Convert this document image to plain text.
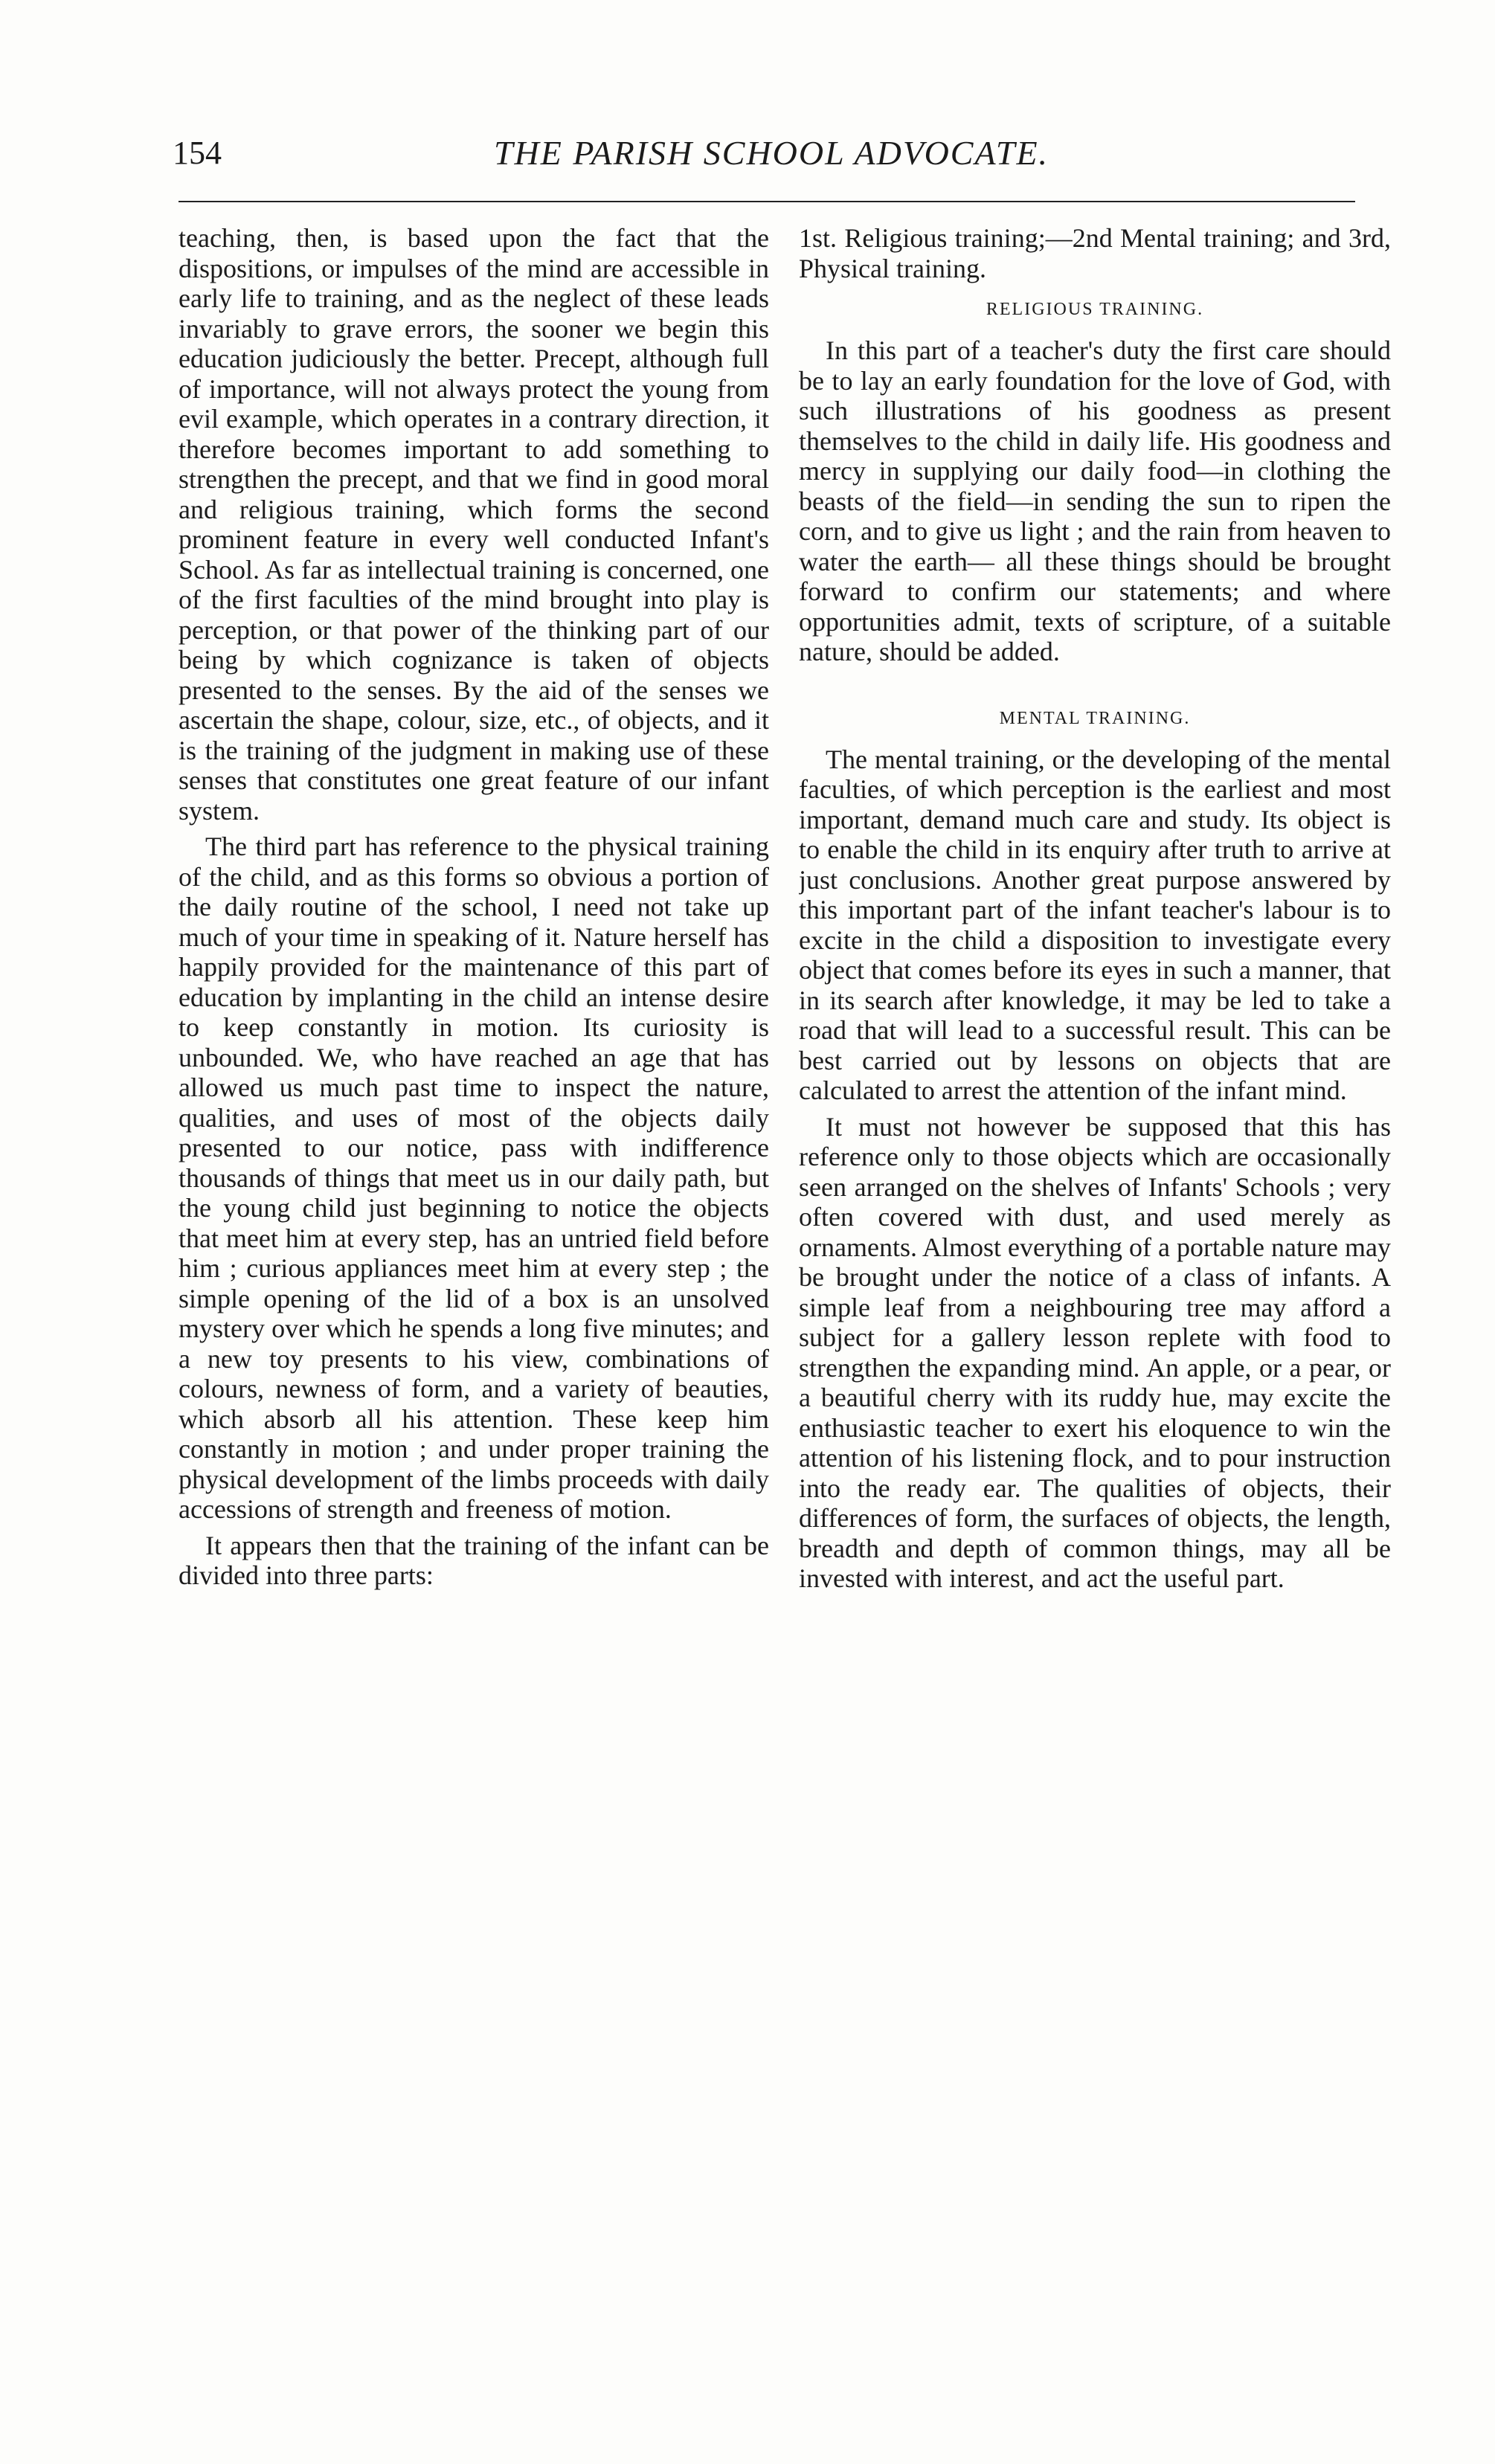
154	THE PARISH SCHOOL ADVOCATE.

teaching, then, is based upon the fact that the dispositions, or impulses of the mind are accessible in early life to training, and as the neglect of these leads invariably to grave errors, the sooner we begin this education judiciously the better. Precept, although full of importance, will not always protect the young from evil example, which operates in a contrary direction, it therefore becomes important to add something to strengthen the precept, and that we find in good moral and religious training, which forms the second prominent feature in every well conducted Infant's School. As far as intellectual training is concerned, one of the first faculties of the mind brought into play is perception, or that power of the thinking part of our being by which cognizance is taken of objects presented to the senses. By the aid of the senses we ascertain the shape, colour, size, etc., of objects, and it is the training of the judgment in making use of these senses that constitutes one great feature of our infant system.

The third part has reference to the physical training of the child, and as this forms so obvious a portion of the daily routine of the school, I need not take up much of your time in speaking of it. Nature herself has happily provided for the maintenance of this part of education by implanting in the child an intense desire to keep constantly in motion. Its curiosity is unbounded. We, who have reached an age that has allowed us much past time to inspect the nature, qualities, and uses of most of the objects daily presented to our notice, pass with indifference thousands of things that meet us in our daily path, but the young child just beginning to notice the objects that meet him at every step, has an untried field before him ; curious appliances meet him at every step ; the simple opening of the lid of a box is an unsolved mystery over which he spends a long five minutes; and a new toy presents to his view, combinations of colours, newness of form, and a variety of beauties, which absorb all his attention. These keep him constantly in motion ; and under proper training the physical development of the limbs proceeds with daily accessions of strength and freeness of motion.

It appears then that the training of the infant can be divided into three parts:

1st. Religious training;—2nd Mental training; and 3rd, Physical training.

RELIGIOUS TRAINING.

In this part of a teacher's duty the first care should be to lay an early foundation for the love of God, with such illustrations of his goodness as present themselves to the child in daily life. His goodness and mercy in supplying our daily food—in clothing the beasts of the field—in sending the sun to ripen the corn, and to give us light ; and the rain from heaven to water the earth— all these things should be brought forward to confirm our statements; and where opportunities admit, texts of scripture, of a suitable nature, should be added.

MENTAL TRAINING.

The mental training, or the developing of the mental faculties, of which perception is the earliest and most important, demand much care and study. Its object is to enable the child in its enquiry after truth to arrive at just conclusions. Another great purpose answered by this important part of the infant teacher's labour is to excite in the child a disposition to investigate every object that comes before its eyes in such a manner, that in its search after knowledge, it may be led to take a road that will lead to a successful result. This can be best carried out by lessons on objects that are calculated to arrest the attention of the infant mind.

It must not however be supposed that this has reference only to those objects which are occasionally seen arranged on the shelves of Infants' Schools ; very often covered with dust, and used merely as ornaments. Almost everything of a portable nature may be brought under the notice of a class of infants. A simple leaf from a neighbouring tree may afford a subject for a gallery lesson replete with food to strengthen the expanding mind. An apple, or a pear, or a beautiful cherry with its ruddy hue, may excite the enthusiastic teacher to exert his eloquence to win the attention of his listening flock, and to pour instruction into the ready ear. The qualities of objects, their differences of form, the surfaces of objects, the length, breadth and depth of common things, may all be invested with interest, and act the useful part.
